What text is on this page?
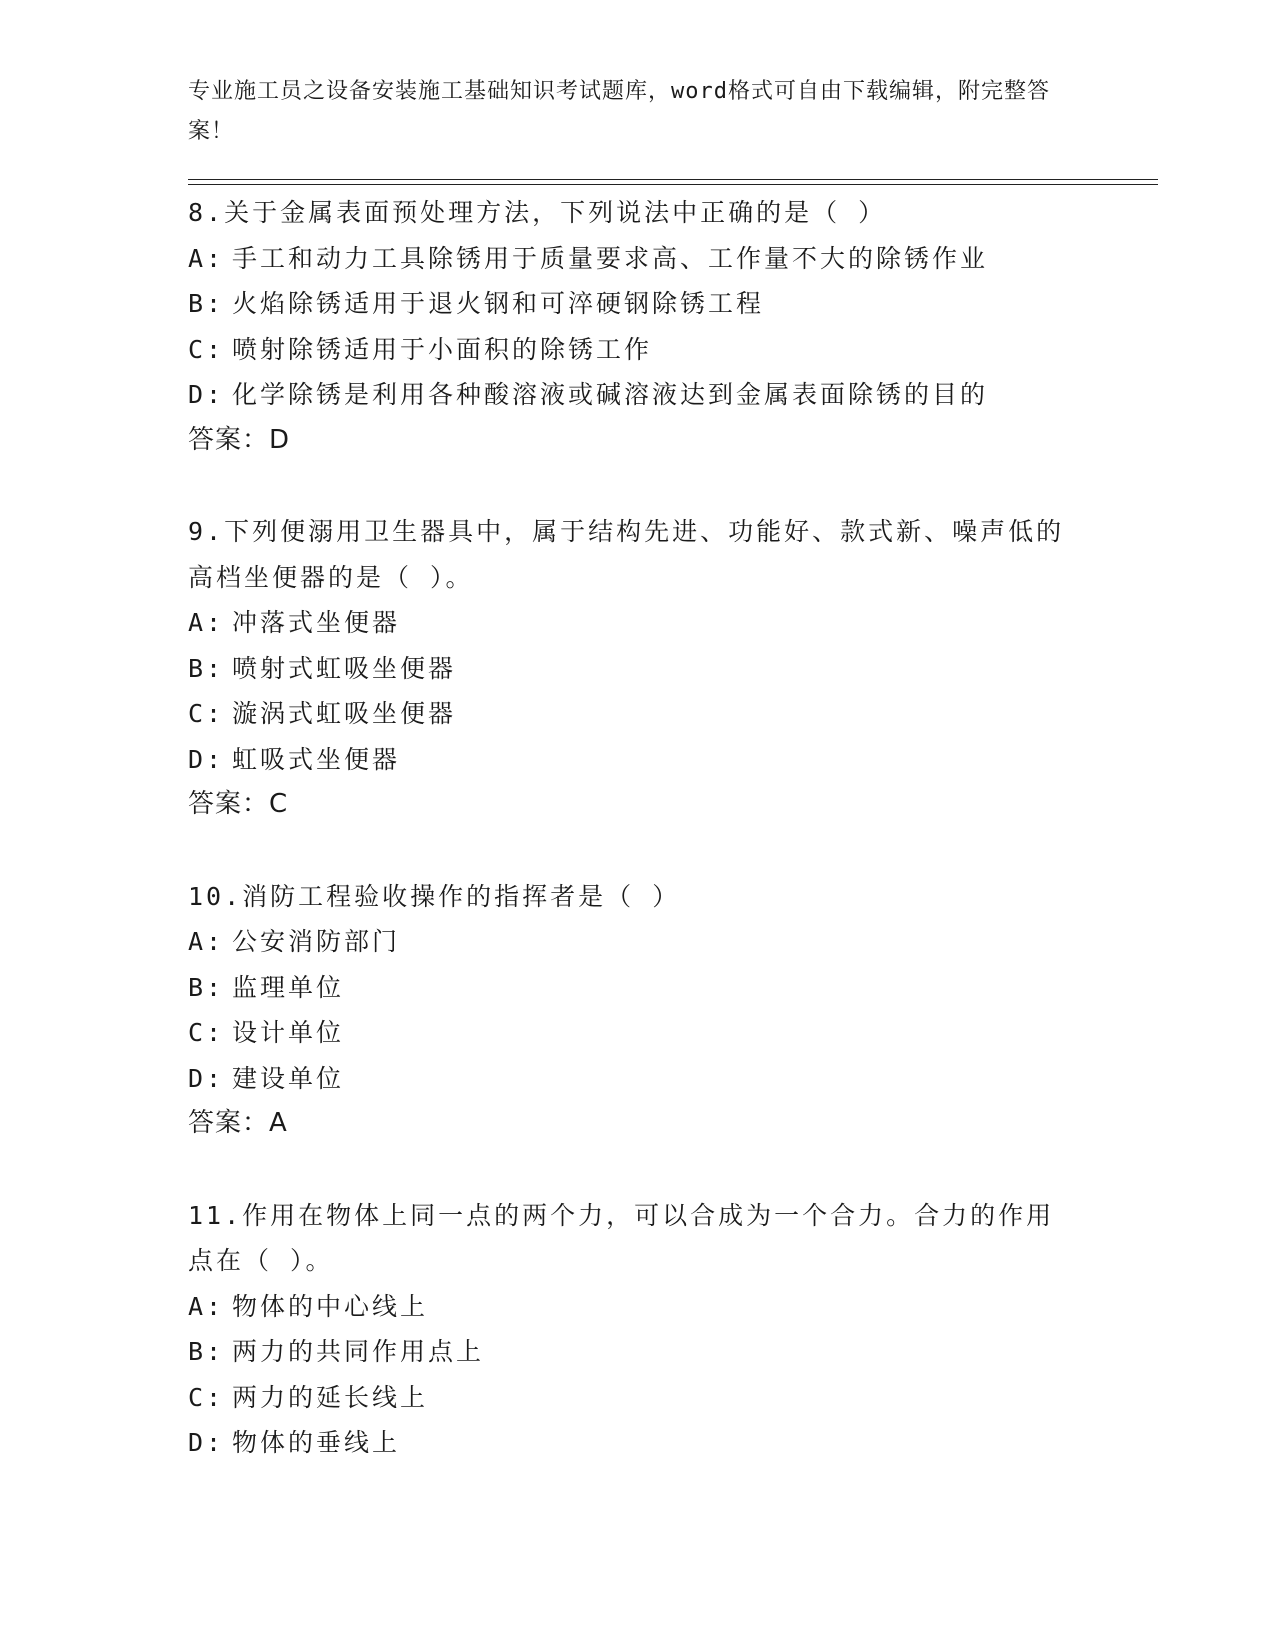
专业施工员之设备安装施工基础知识考试题库，word格式可自由下载编辑，附完整答案！
8.关于金属表面预处理方法，下列说法中正确的是（ ）
A: 手工和动力工具除锈用于质量要求高、工作量不大的除锈作业
B: 火焰除锈适用于退火钢和可淬硬钢除锈工程
C: 喷射除锈适用于小面积的除锈工作
D: 化学除锈是利用各种酸溶液或碱溶液达到金属表面除锈的目的
答案：D
9.下列便溺用卫生器具中，属于结构先进、功能好、款式新、噪声低的高档坐便器的是（ ）。
A: 冲落式坐便器
B: 喷射式虹吸坐便器
C: 漩涡式虹吸坐便器
D: 虹吸式坐便器
答案：C
10.消防工程验收操作的指挥者是（ ）
A: 公安消防部门
B: 监理单位
C: 设计单位
D: 建设单位
答案：A
11.作用在物体上同一点的两个力，可以合成为一个合力。合力的作用点在（ ）。
A: 物体的中心线上
B: 两力的共同作用点上
C: 两力的延长线上
D: 物体的垂线上
